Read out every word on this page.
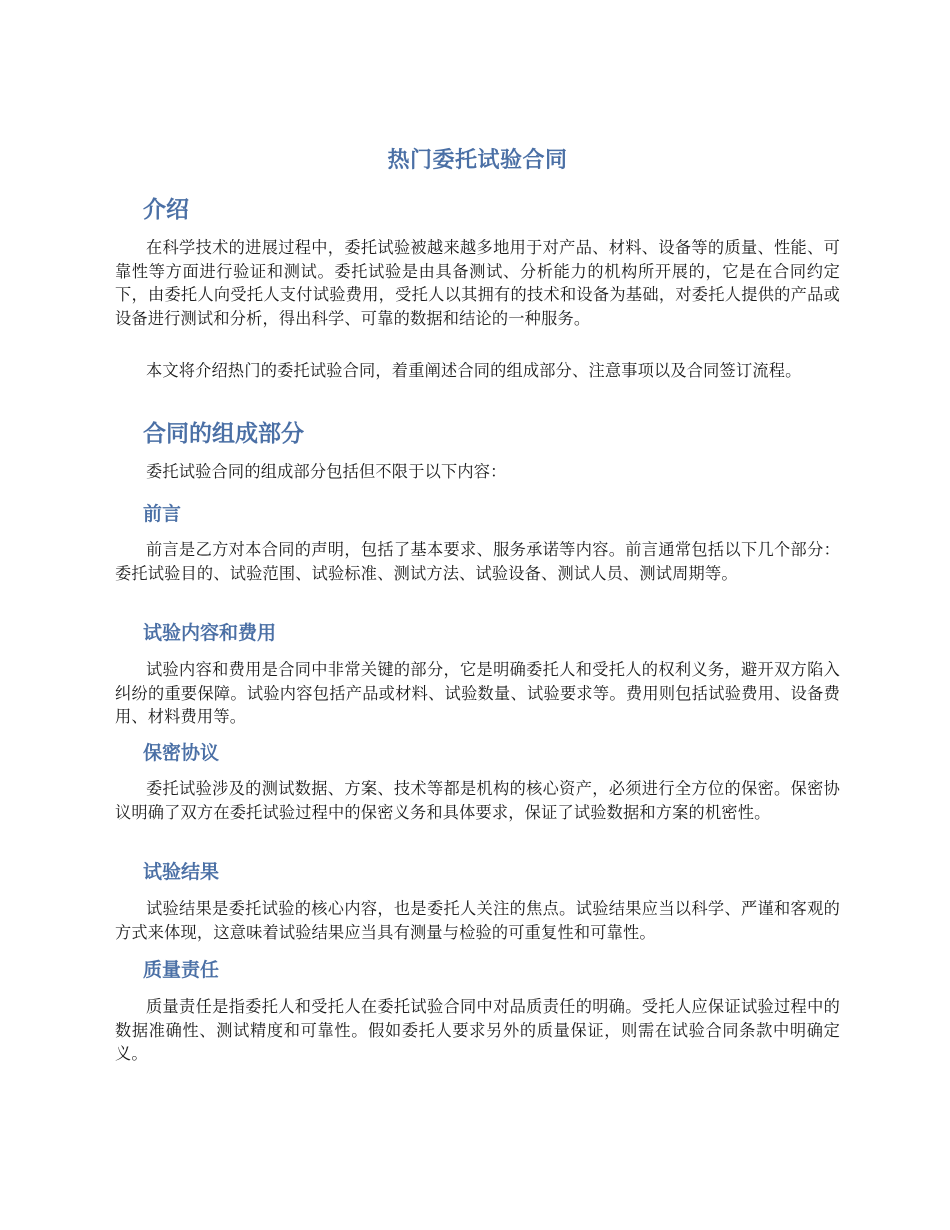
热门委托试验合同
介绍

在科学技术的进展过程中，委托试验被越来越多地用于对产品、材料、设备等的质量、性能、可靠性等方面进行验证和测试。委托试验是由具备测试、分析能力的机构所开展的，它是在合同约定下，由委托人向受托人支付试验费用，受托人以其拥有的技术和设备为基础，对委托人提供的产品或设备进行测试和分析，得出科学、可靠的数据和结论的一种服务。

本文将介绍热门的委托试验合同，着重阐述合同的组成部分、注意事项以及合同签订流程。

合同的组成部分

委托试验合同的组成部分包括但不限于以下内容：

前言

前言是乙方对本合同的声明，包括了基本要求、服务承诺等内容。前言通常包括以下几个部分：委托试验目的、试验范围、试验标准、测试方法、试验设备、测试人员、测试周期等。

试验内容和费用

试验内容和费用是合同中非常关键的部分，它是明确委托人和受托人的权利义务，避开双方陷入纠纷的重要保障。试验内容包括产品或材料、试验数量、试验要求等。费用则包括试验费用、设备费用、材料费用等。

保密协议

委托试验涉及的测试数据、方案、技术等都是机构的核心资产，必须进行全方位的保密。保密协议明确了双方在委托试验过程中的保密义务和具体要求，保证了试验数据和方案的机密性。

试验结果

试验结果是委托试验的核心内容，也是委托人关注的焦点。试验结果应当以科学、严谨和客观的方式来体现，这意味着试验结果应当具有测量与检验的可重复性和可靠性。

质量责任

质量责任是指委托人和受托人在委托试验合同中对品质责任的明确。受托人应保证试验过程中的数据准确性、测试精度和可靠性。假如委托人要求另外的质量保证，则需在试验合同条款中明确定义。
